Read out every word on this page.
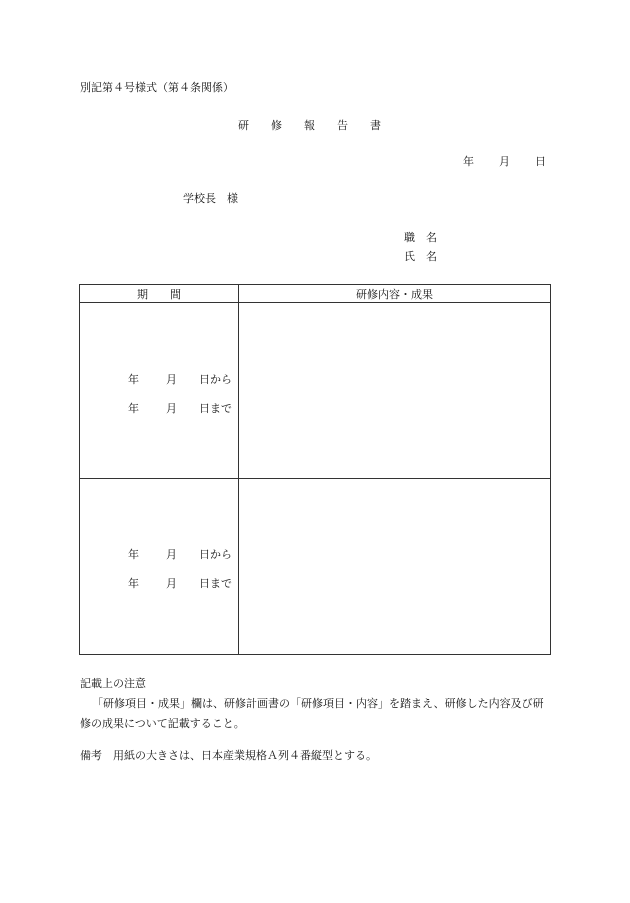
別記第４号様式（第４条関係）
研 修 報 告 書
年 月 日
学校長　様
職　名
氏　名
期　　間	研修内容・成果

年 月 日から
年 月 日まで	

年 月 日から
年 月 日まで	

記載上の注意
「研修項目・成果」欄は、研修計画書の「研修項目・内容」を踏まえ、研修した内容及び研修の成果について記載すること。
備考　用紙の大きさは、日本産業規格Ａ列４番縦型とする。
